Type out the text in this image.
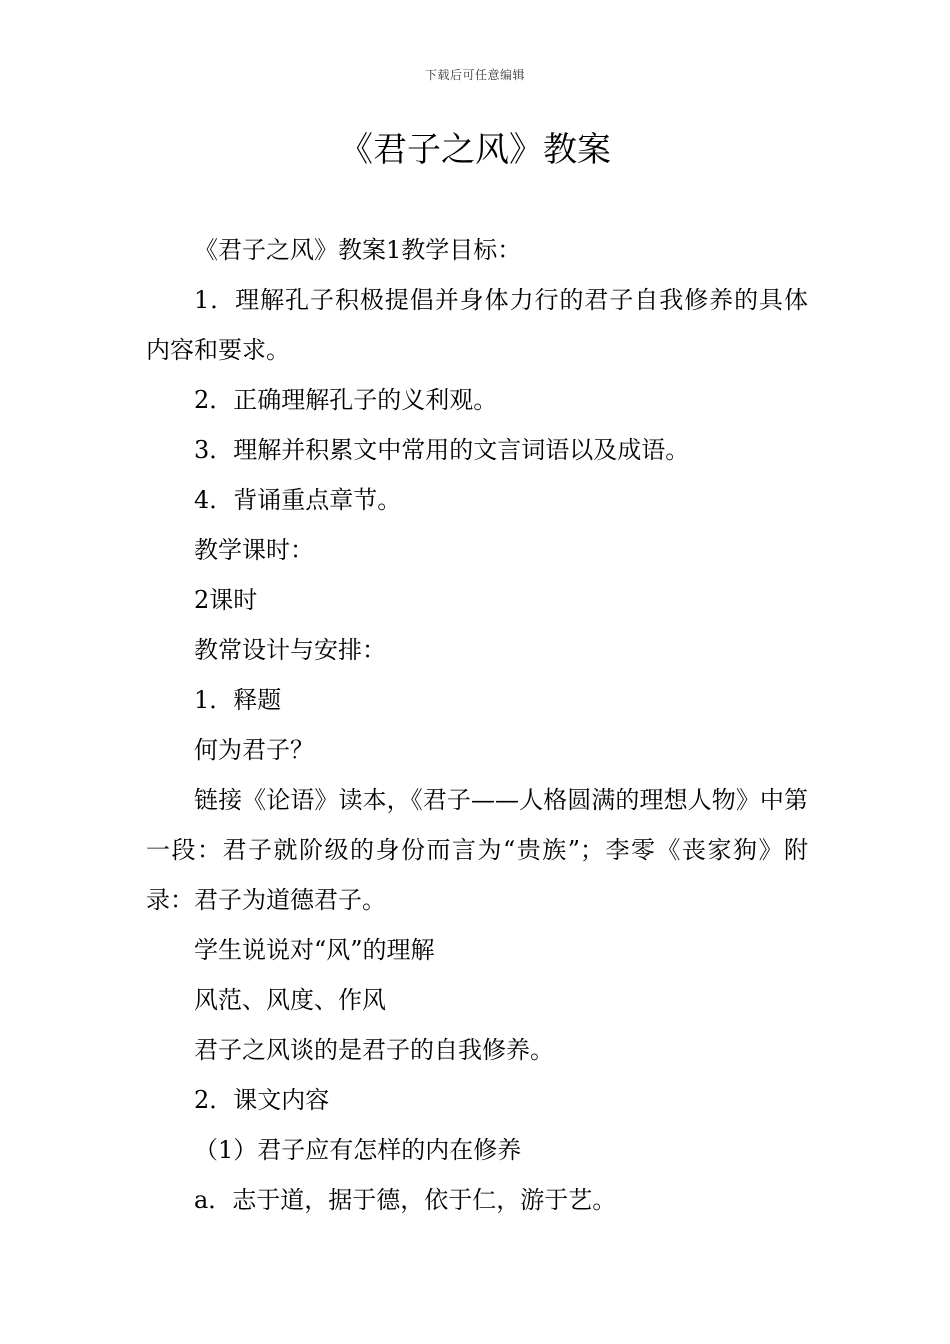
下载后可任意编辑
《君子之风》教案

《君子之风》教案1教学目标：

1．理解孔子积极提倡并身体力行的君子自我修养的具体内容和要求。

2．正确理解孔子的义利观。

3．理解并积累文中常用的文言词语以及成语。

4．背诵重点章节。

教学课时：

2课时

教常设计与安排：

1．释题

何为君子？

链接《论语》读本，《君子——人格圆满的理想人物》中第一段：君子就阶级的身份而言为“贵族”；李零《丧家狗》附录：君子为道德君子。

学生说说对“风”的理解

风范、风度、作风

君子之风谈的是君子的自我修养。

2．课文内容

（1）君子应有怎样的内在修养

a．志于道，据于德，依于仁，游于艺。
